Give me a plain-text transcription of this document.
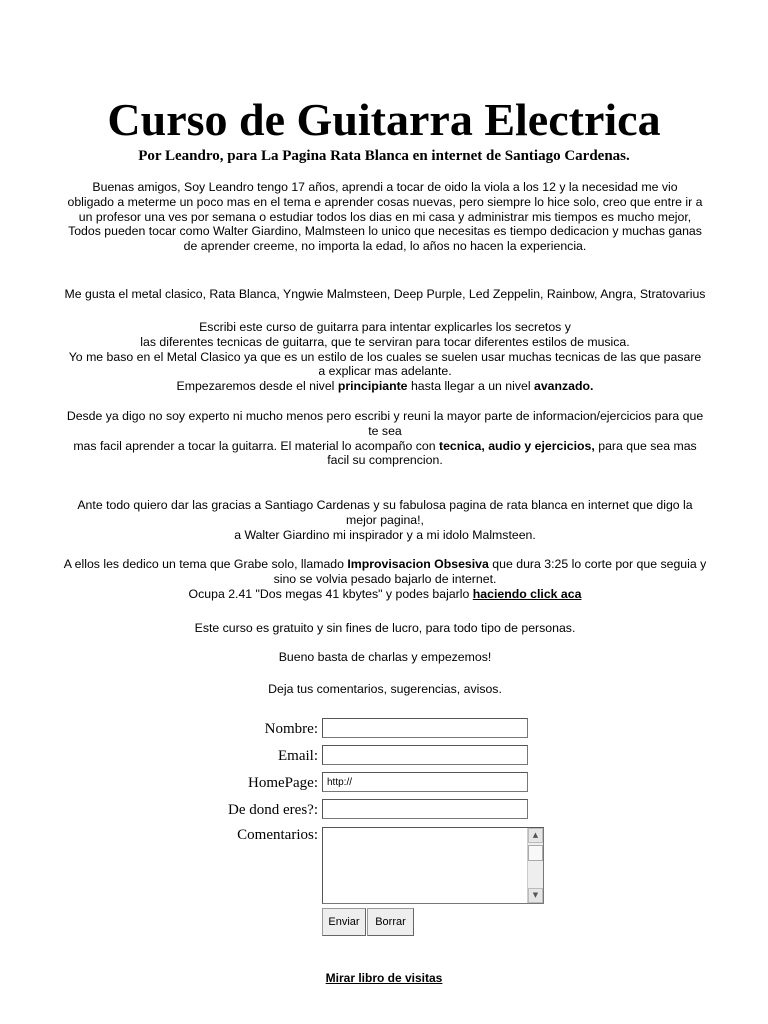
Curso de Guitarra Electrica

Por Leandro, para La Pagina Rata Blanca en internet de Santiago Cardenas.

Buenas amigos, Soy Leandro tengo 17 años, aprendi a tocar de oido la viola a los 12 y la necesidad me vio
obligado a meterme un poco mas en el tema e aprender cosas nuevas, pero siempre lo hice solo, creo que entre ir a
un profesor una ves por semana o estudiar todos los dias en mi casa y administrar mis tiempos es mucho mejor,
Todos pueden tocar como Walter Giardino, Malmsteen lo unico que necesitas es tiempo dedicacion y muchas ganas
de aprender creeme, no importa la edad, lo años no hacen la experiencia.
Me gusta el metal clasico, Rata Blanca, Yngwie Malmsteen, Deep Purple, Led Zeppelin, Rainbow, Angra, Stratovarius
Escribi este curso de guitarra para intentar explicarles los secretos y
las diferentes tecnicas de guitarra, que te serviran para tocar diferentes estilos de musica.
Yo me baso en el Metal Clasico ya que es un estilo de los cuales se suelen usar muchas tecnicas de las que pasare
a explicar mas adelante.
Empezaremos desde el nivel principiante hasta llegar a un nivel avanzado.
Desde ya digo no soy experto ni mucho menos pero escribi y reuni la mayor parte de informacion/ejercicios para que
te sea
mas facil aprender a tocar la guitarra. El material lo acompaño con tecnica, audio y ejercicios, para que sea mas
facil su comprencion.
Ante todo quiero dar las gracias a Santiago Cardenas y su fabulosa pagina de rata blanca en internet que digo la
mejor pagina!,
a Walter Giardino mi inspirador y a mi idolo Malmsteen.
A ellos les dedico un tema que Grabe solo, llamado Improvisacion Obsesiva que dura 3:25 lo corte por que seguia y
sino se volvia pesado bajarlo de internet.
Ocupa 2.41 "Dos megas 41 kbytes" y podes bajarlo haciendo click aca
Este curso es gratuito y sin fines de lucro, para todo tipo de personas.
Bueno basta de charlas y empezemos!
Deja tus comentarios, sugerencias, avisos.
Nombre:
Email:
HomePage:
http://
De dond eres?:
Comentarios:	▲
▼
Enviar	Borrar
Mirar libro de visitas
